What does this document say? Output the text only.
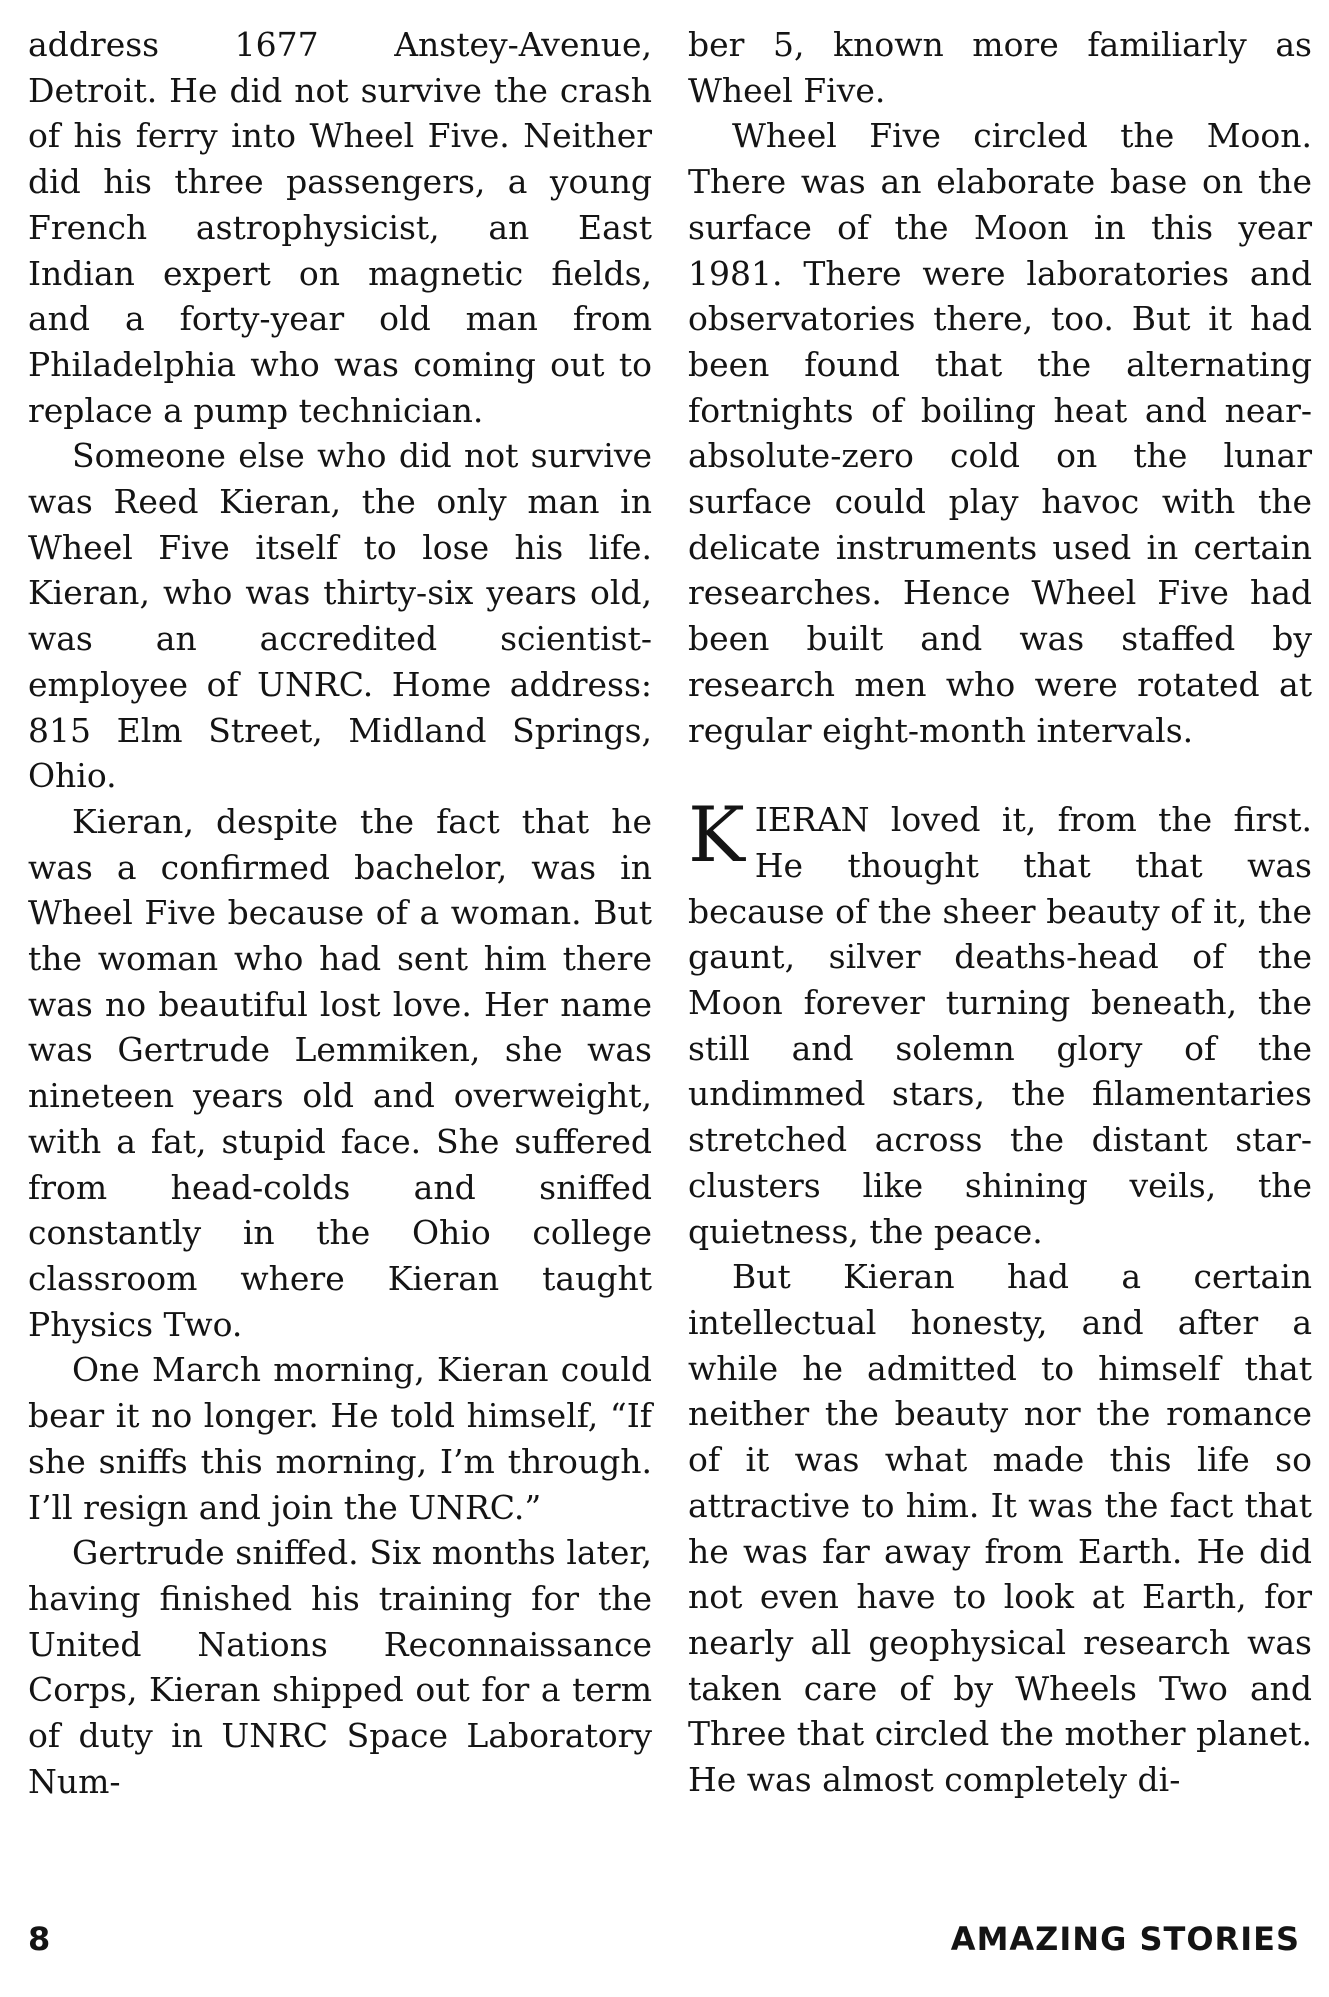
address 1677 Anstey-Avenue, Detroit. He did not survive the crash of his ferry into Wheel Five. Neither did his three passengers, a young French astrophysicist, an East Indian expert on magnetic fields, and a forty-year old man from Philadelphia who was coming out to replace a pump technician.

Someone else who did not survive was Reed Kieran, the only man in Wheel Five itself to lose his life. Kieran, who was thirty-six years old, was an accredited scientist-employee of UNRC. Home address: 815 Elm Street, Midland Springs, Ohio.

Kieran, despite the fact that he was a confirmed bachelor, was in Wheel Five because of a woman. But the woman who had sent him there was no beautiful lost love. Her name was Gertrude Lemmiken, she was nineteen years old and overweight, with a fat, stupid face. She suffered from head-colds and sniffed constantly in the Ohio college classroom where Kieran taught Physics Two.

One March morning, Kieran could bear it no longer. He told himself, “If she sniffs this morning, I’m through. I’ll resign and join the UNRC.”

Gertrude sniffed. Six months later, having finished his training for the United Nations Reconnaissance Corps, Kieran shipped out for a term of duty in UNRC Space Laboratory Num-

ber 5, known more familiarly as Wheel Five.

Wheel Five circled the Moon. There was an elaborate base on the surface of the Moon in this year 1981. There were laboratories and observatories there, too. But it had been found that the alternating fortnights of boiling heat and near-absolute-zero cold on the lunar surface could play havoc with the delicate instruments used in certain researches. Hence Wheel Five had been built and was staffed by research men who were rotated at regular eight-month intervals.

KIERAN loved it, from the first. He thought that that was because of the sheer beauty of it, the gaunt, silver deaths-head of the Moon forever turning beneath, the still and solemn glory of the undimmed stars, the filamentaries stretched across the distant star-clusters like shining veils, the quietness, the peace.

But Kieran had a certain intellectual honesty, and after a while he admitted to himself that neither the beauty nor the romance of it was what made this life so attractive to him. It was the fact that he was far away from Earth. He did not even have to look at Earth, for nearly all geophysical research was taken care of by Wheels Two and Three that circled the mother planet. He was almost completely di-

8	AMAZING STORIES
